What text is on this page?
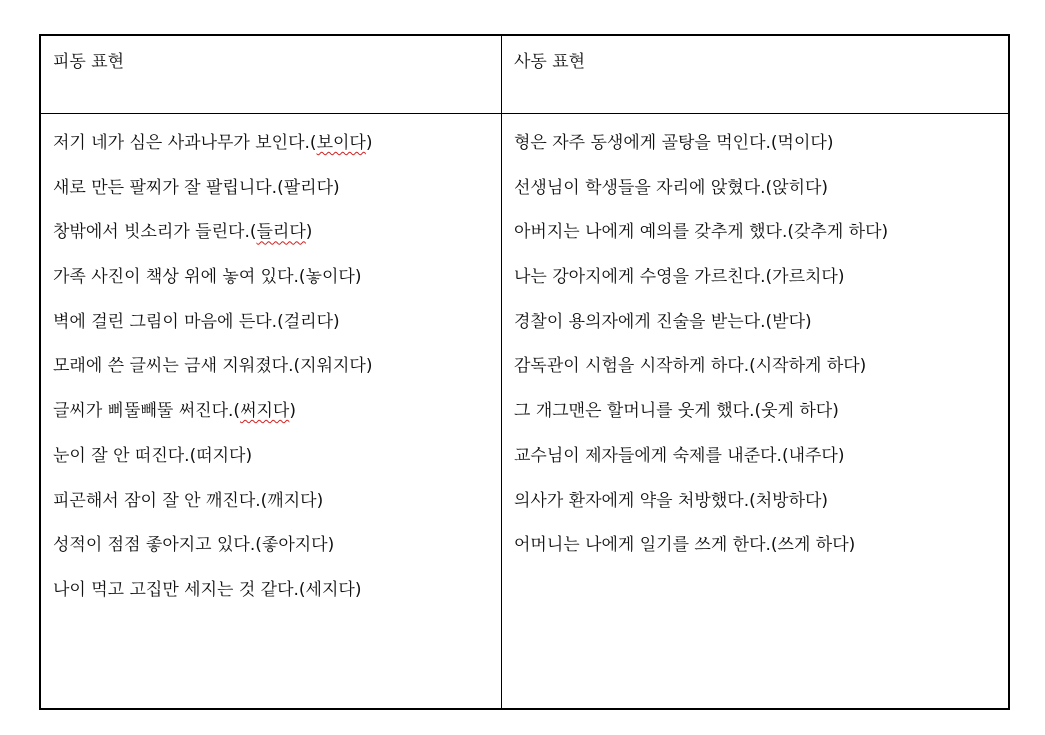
피동 표현
저기 네가 심은 사과나무가 보인다.(보이다)
새로 만든 팔찌가 잘 팔립니다.(팔리다)
창밖에서 빗소리가 들린다.(들리다)
가족 사진이 책상 위에 놓여 있다.(놓이다)
벽에 걸린 그림이 마음에 든다.(걸리다)
모래에 쓴 글씨는 금새 지워졌다.(지워지다)
글씨가 삐뚤빼뚤 써진다.(써지다)
눈이 잘 안 떠진다.(떠지다)
피곤해서 잠이 잘 안 깨진다.(깨지다)
성적이 점점 좋아지고 있다.(좋아지다)
나이 먹고 고집만 세지는 것 같다.(세지다)
사동 표현
형은 자주 동생에게 골탕을 먹인다.(먹이다)
선생님이 학생들을 자리에 앉혔다.(앉히다)
아버지는 나에게 예의를 갖추게 했다.(갖추게 하다)
나는 강아지에게 수영을 가르친다.(가르치다)
경찰이 용의자에게 진술을 받는다.(받다)
감독관이 시험을 시작하게 하다.(시작하게 하다)
그 개그맨은 할머니를 웃게 했다.(웃게 하다)
교수님이 제자들에게 숙제를 내준다.(내주다)
의사가 환자에게 약을 처방했다.(처방하다)
어머니는 나에게 일기를 쓰게 한다.(쓰게 하다)
